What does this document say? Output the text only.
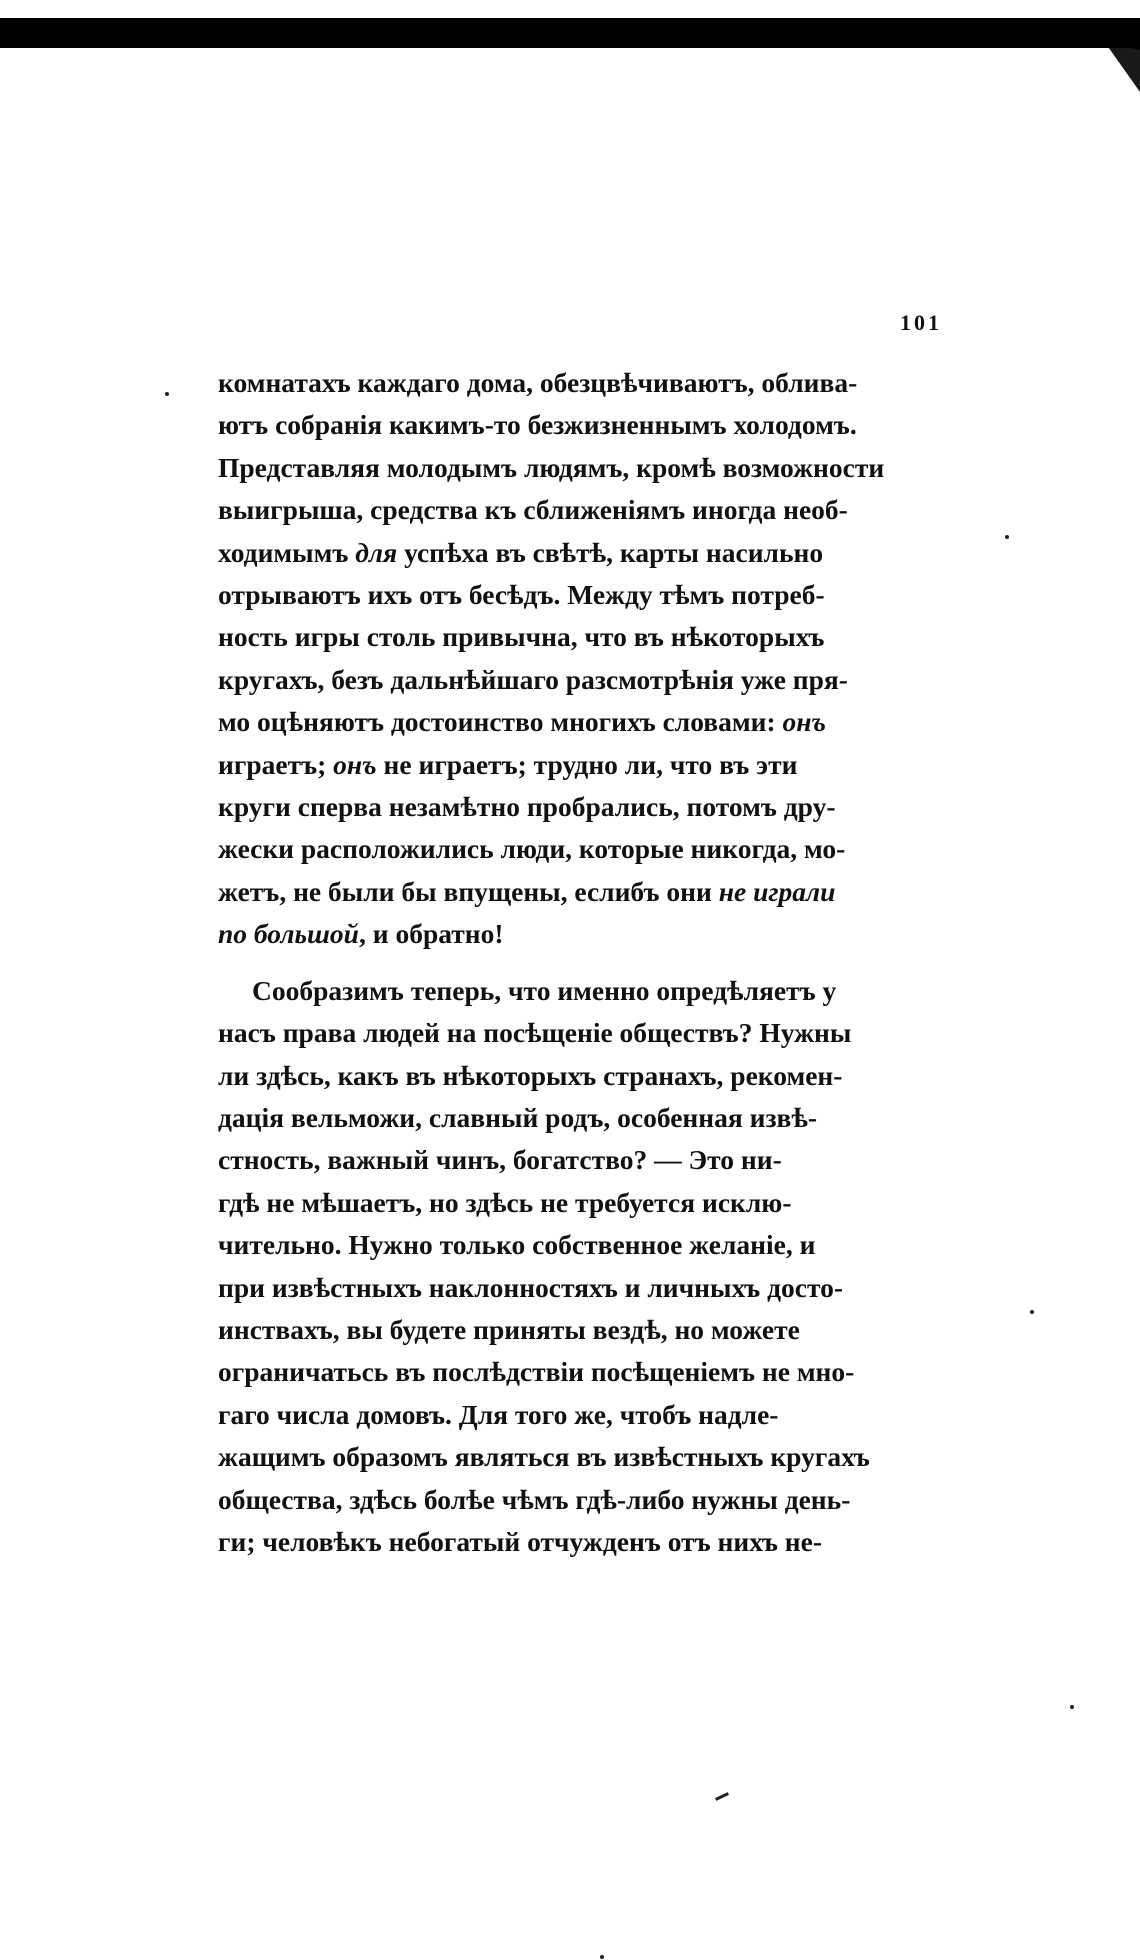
101
комнатахъ каждаго дома, обезцвѣчиваютъ, облива-
ютъ собранія какимъ-то безжизненнымъ холодомъ.
Представляя молодымъ людямъ, кромѣ возможности
выигрыша, средства къ сближеніямъ иногда необ-
ходимымъ для успѣха въ свѣтѣ, карты насильно
отрываютъ ихъ отъ бесѣдъ. Между тѣмъ потреб-
ность игры столь привычна, что въ нѣкоторыхъ
кругахъ, безъ дальнѣйшаго разсмотрѣнія уже пря-
мо оцѣняютъ достоинство многихъ словами: онъ
играетъ; онъ не играетъ; трудно ли, что въ эти
круги сперва незамѣтно пробрались, потомъ дру-
жески расположились люди, которые никогда, мо-
жетъ, не были бы впущены, еслибъ они не играли
по большой, и обратно!
Сообразимъ теперь, что именно опредѣляетъ у
насъ права людей на посѣщеніе обществъ? Нужны
ли здѣсь, какъ въ нѣкоторыхъ странахъ, рекомен-
дація вельможи, славный родъ, особенная извѣ-
стность, важный чинъ, богатство? — Это ни-
гдѣ не мѣшаетъ, но здѣсь не требуется исклю-
чительно. Нужно только собственное желаніе, и
при извѣстныхъ наклонностяхъ и личныхъ досто-
инствахъ, вы будете приняты вездѣ, но можете
ограничатьсь въ послѣдствіи посѣщеніемъ не мно-
гаго числа домовъ. Для того же, чтобъ надле-
жащимъ образомъ являться въ извѣстныхъ кругахъ
общества, здѣсь болѣе чѣмъ гдѣ-либо нужны день-
ги; человѣкъ небогатый отчужденъ отъ нихъ не-
